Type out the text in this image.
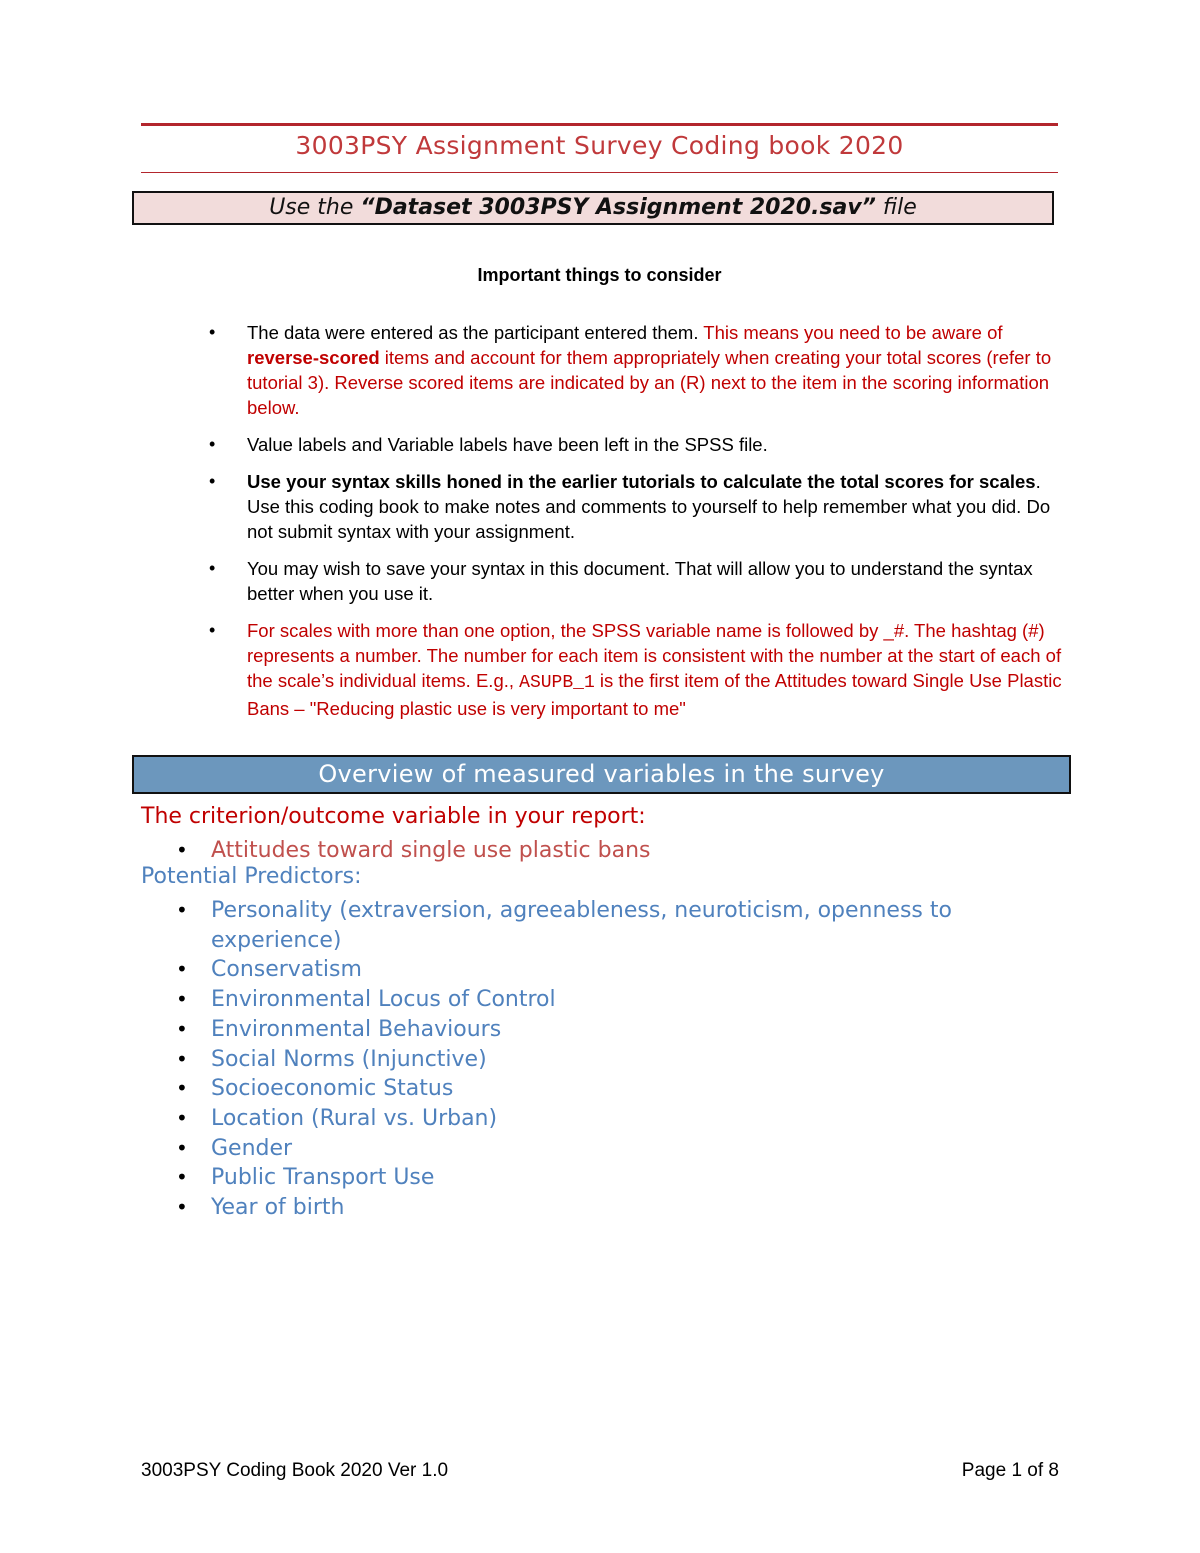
3003PSY Assignment Survey Coding book 2020
Use the “Dataset 3003PSY Assignment 2020.sav” file
Important things to consider
• The data were entered as the participant entered them. This means you need to be aware of reverse-scored items and account for them appropriately when creating your total scores (refer to tutorial 3). Reverse scored items are indicated by an (R) next to the item in the scoring information below.
• Value labels and Variable labels have been left in the SPSS file.
• Use your syntax skills honed in the earlier tutorials to calculate the total scores for scales. Use this coding book to make notes and comments to yourself to help remember what you did. Do not submit syntax with your assignment.
• You may wish to save your syntax in this document. That will allow you to understand the syntax better when you use it.
• For scales with more than one option, the SPSS variable name is followed by _#. The hashtag (#) represents a number. The number for each item is consistent with the number at the start of each of the scale’s individual items. E.g., ASUPB_1 is the first item of the Attitudes toward Single Use Plastic Bans – "Reducing plastic use is very important to me"
Overview of measured variables in the survey
The criterion/outcome variable in your report:
• Attitudes toward single use plastic bans
Potential Predictors:
• Personality (extraversion, agreeableness, neuroticism, openness to experience)
• Conservatism
• Environmental Locus of Control
• Environmental Behaviours
• Social Norms (Injunctive)
• Socioeconomic Status
• Location (Rural vs. Urban)
• Gender
• Public Transport Use
• Year of birth
3003PSY Coding Book 2020 Ver 1.0	Page 1 of 8
